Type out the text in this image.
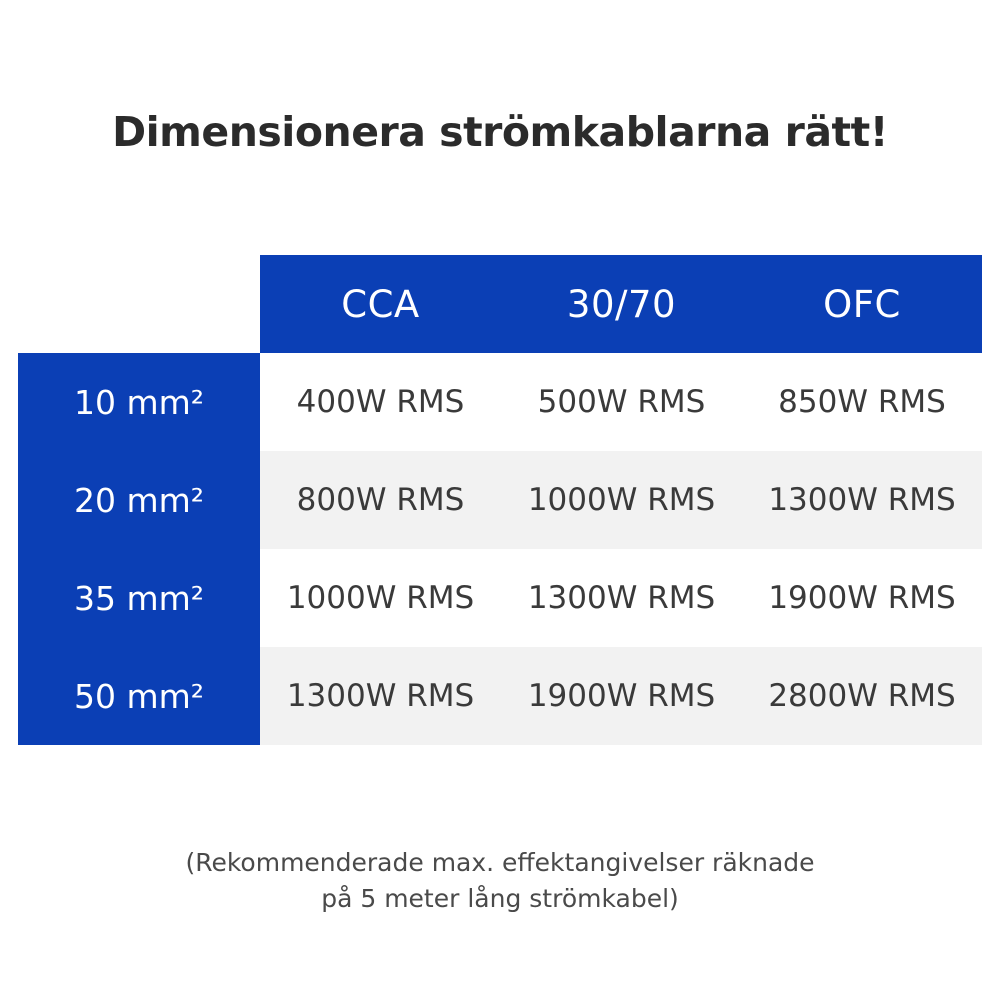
Dimensionera strömkablarna rätt!
	CCA	30/70	OFC
10 mm²	400W RMS	500W RMS	850W RMS
20 mm²	800W RMS	1000W RMS	1300W RMS
35 mm²	1000W RMS	1300W RMS	1900W RMS
50 mm²	1300W RMS	1900W RMS	2800W RMS
(Rekommenderade max. effektangivelser räknade
på 5 meter lång strömkabel)
